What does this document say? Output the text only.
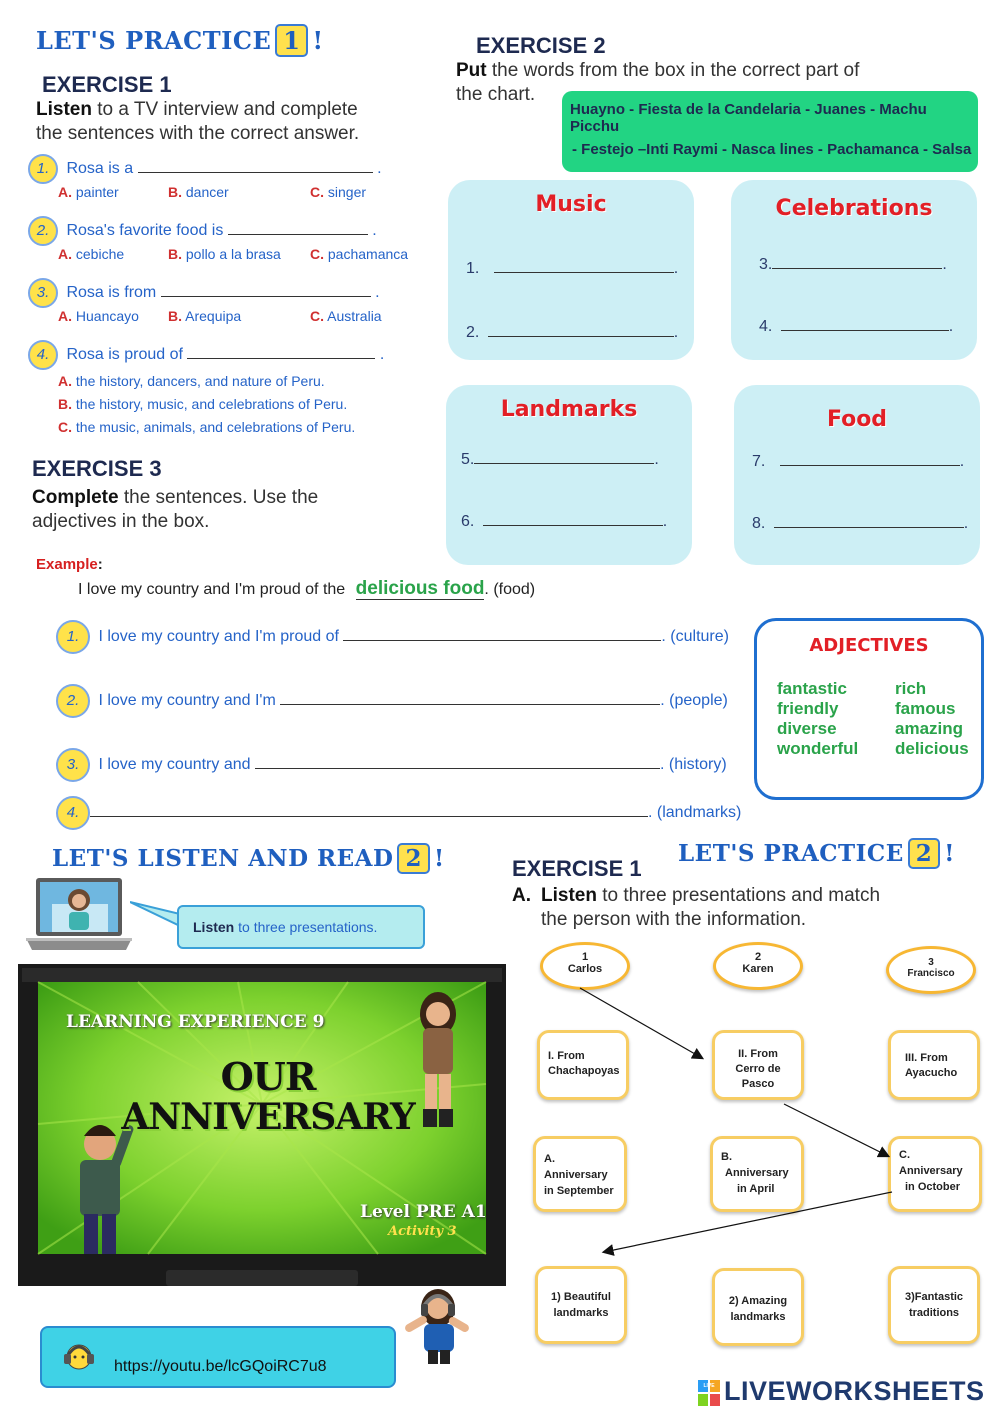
LET'S PRACTICE 1 !
EXERCISE 1
Listen to a TV interview and complete
the sentences with the correct answer.
1. Rosa is a	.
A. painter	B. dancer	C. singer
2. Rosa's favorite food is	.
A. cebiche	B. pollo a la brasa C. pachamanca
3. Rosa is from	.
A. Huancayo B. Arequipa	C. Australia
4. Rosa is proud of	.
A. the history, dancers, and nature of Peru.
B. the history, music, and celebrations of Peru.
C. the music, animals, and celebrations of Peru.
EXERCISE 2
Put the words from the box in the correct part of
the chart.
Huayno - Fiesta de la Candelaria - Juanes - Machu Picchu
- Festejo –Inti Raymi - Nasca lines - Pachamanca - Salsa
Music
1.	.
2.	.
Celebrations
3.	.
4.	.
Landmarks
5.	.
6.	.
Food
7.	.
8.	.
EXERCISE 3
Complete the sentences. Use the
adjectives in the box.
Example:
I love my country and I'm proud of the delicious food. (food)
1. I love my country and I'm proud of	. (culture)
2. I love my country and I'm	. (people)
3. I love my country and	. (history)
4.	. (landmarks)
ADJECTIVES
fantastic
friendly
diverse
wonderful
rich
famous
amazing
delicious
LET'S LISTEN AND READ 2 !
Listen to three presentations.
LEARNING EXPERIENCE 9
OUR
ANNIVERSARY
Level PRE A1
Activity 3
https://youtu.be/lcGQoiRC7u8
LET'S PRACTICE 2 !
EXERCISE 1
A. Listen to three presentations and match
the person with the information.
1
Carlos
2
Karen
3
Francisco
I. From
Chachapoyas
II. From
Cerro de
Pasco
III. From
Ayacucho
A.
Anniversary
in September
B.
Anniversary
in April
C.
Anniversary
in October
1) Beautiful
landmarks
2) Amazing
landmarks
3)Fantastic
traditions
LIVE LIVEWORKSHEETS
